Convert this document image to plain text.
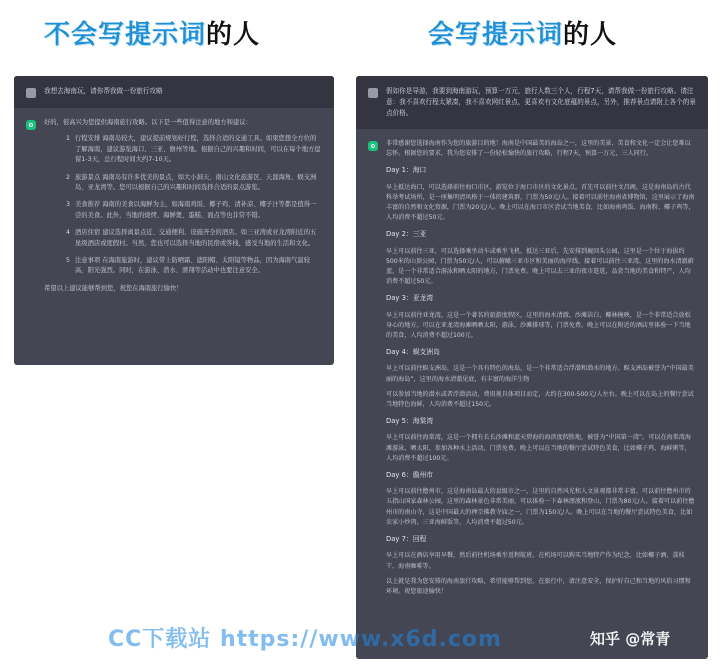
不会写提示词的人	会写提示词的人
我想去海南玩，请你帮我做一份旅行攻略

好的，很高兴为您提供海南旅行攻略。以下是一些值得注意的地方和建议：

1 行程安排 海南岛较大，建议提前规划好行程，选择合适的交通工具。如果您想全方位的了解海南，建议游览海口、三亚、儋州等地。根据自己的兴趣和时间，可以在每个地方逗留1-3天，总行程时间大约7-10天。
2 旅游景点 海南岛有许多优美的景点，如大小洞天、南山文化旅游区、天涯海角、蜈支洲岛、亚龙湾等。您可以根据自己的兴趣和时间选择合适的景点游览。
3 美食推荐 海南的美食以海鲜为主，如海南鸡饭、椰子鸡、清补凉、椰子汁等都是值得一尝的美食。此外，当地的烧烤、海鲜煲、蛋糕、面点等也非常不错。
4 酒店住宿 建议选择离景点近、交通便利、设施齐全的酒店。如三亚湾或亚龙湾附近的五星级酒店或度假村。当然，您也可以选择当地的民宿或客栈，感受当地的生活和文化。
5 注意事项 在海南旅游时，建议带上防晒霜、遮阳帽、太阳镜等物品，因为海南气温较高，阳光强烈。同时，在游泳、潜水、滑翔等活动中也要注意安全。

希望以上建议能够帮到您，祝您在海南旅行愉快！

假如你是导游，我要到海南游玩，预算一万元，旅行人数三个人，行程7天，请帮我做一份旅行攻略。请注意：我不喜欢行程太紧凑，我不喜欢网红景点，更喜欢有文化底蕴的景点，另外，推荐景点请附上各个的景点价格。

非常感谢您选择海南作为您的旅游目的地！海南是中国最美的海岛之一，这里的美景、美食和文化一定会让您难以忘怀。根据您的要求，我为您安排了一份轻松愉快的旅行攻略，行程7天，预算一万元，三人同行。

Day 1：海口

早上抵达海口，可以选择前往海口市区，游览位于海口市区的文化景点。首先可以前往文昌阁，这是海南岛的古代科举考试场所，是一座集明清风格于一体的建筑群，门票为50元/人。接着可以前往海南省博物馆，这里展示了海南丰富的自然和文化资源，门票为20元/人。晚上可以在海口市区尝试当地美食，比如海南鸡饭、海南粉、椰子鸡等，人均消费不超过50元。

Day 2：三亚

早上可以前往三亚，可以选择乘坐动车或乘坐飞机。抵达三亚后，先安排到鹿回头公园，这里是一个位于海拔约500米的山顶公园，门票为50元/人，可以俯瞰三亚市区和美丽的海岸线。接着可以前往三亚湾，这里的海水清澈蔚蓝，是一个非常适合游泳和晒太阳的地方，门票免费。晚上可以去三亚的夜市逛逛，品尝当地的美食和特产，人均消费不超过50元。

Day 3：亚龙湾

早上可以前往亚龙湾，这是一个著名的旅游度假区，这里的海水清澈、沙滩洁白、椰林掩映，是一个非常适合放松身心的地方。可以在亚龙湾海滩晒晒太阳，游泳、沙滩排球等，门票免费。晚上可以在附近的酒店里体验一下当地的美食，人均消费不超过100元。

Day 4：蜈支洲岛

早上可以前往蜈支洲岛，这是一个具有特色的海岛，是一个非常适合浮潜和潜水的地方。蜈支洲岛被誉为“中国最美丽的海岛”，这里的海水清澈见底，有丰富的海洋生物

可以参加当地的潜水或者浮潜活动，费用视具体项目而定，大约在300-500元/人左右。晚上可以在岛上的餐厅尝试当地特色海鲜，人均消费不超过150元。

Day 5：海棠湾

早上可以前往海棠湾，这是一个拥有长长沙滩和蓝天碧海的海滨度假胜地，被誉为“中国第一湾”。可以在海棠湾海滩游泳、晒太阳、参加各种水上活动，门票免费。晚上可以在当地的餐厅尝试特色美食，比如椰子鸡、海鲜粥等，人均消费不超过100元。

Day 6：儋州市

早上可以前往儋州市，这是海南岛最大的县级市之一，这里的自然风光和人文景观都非常丰富。可以前往儋州市的五指山国家森林公园，这里的森林景色非常美丽，可以体验一下森林漂流和登山，门票为80元/人。接着可以前往儋州市的南山寺，这是中国最大的禅宗佛教寺庙之一，门票为150元/人。晚上可以在当地的餐厅尝试特色美食，比如农家小炒肉、三亚海鲜饭等，人均消费不超过50元。

Day 7：回程

早上可以在酒店享用早餐，然后前往机场乘坐返程航班。在机场可以购买当地特产作为纪念，比如椰子酒、荔枝干、海南咖啡等。

以上就是我为您安排的海南旅行攻略，希望能够帮到您。在旅行中，请注意安全，保护好自己和当地的风俗习惯和环境。祝您旅途愉快！

CC下载站 https://www.x6d.com	知乎 @常青
